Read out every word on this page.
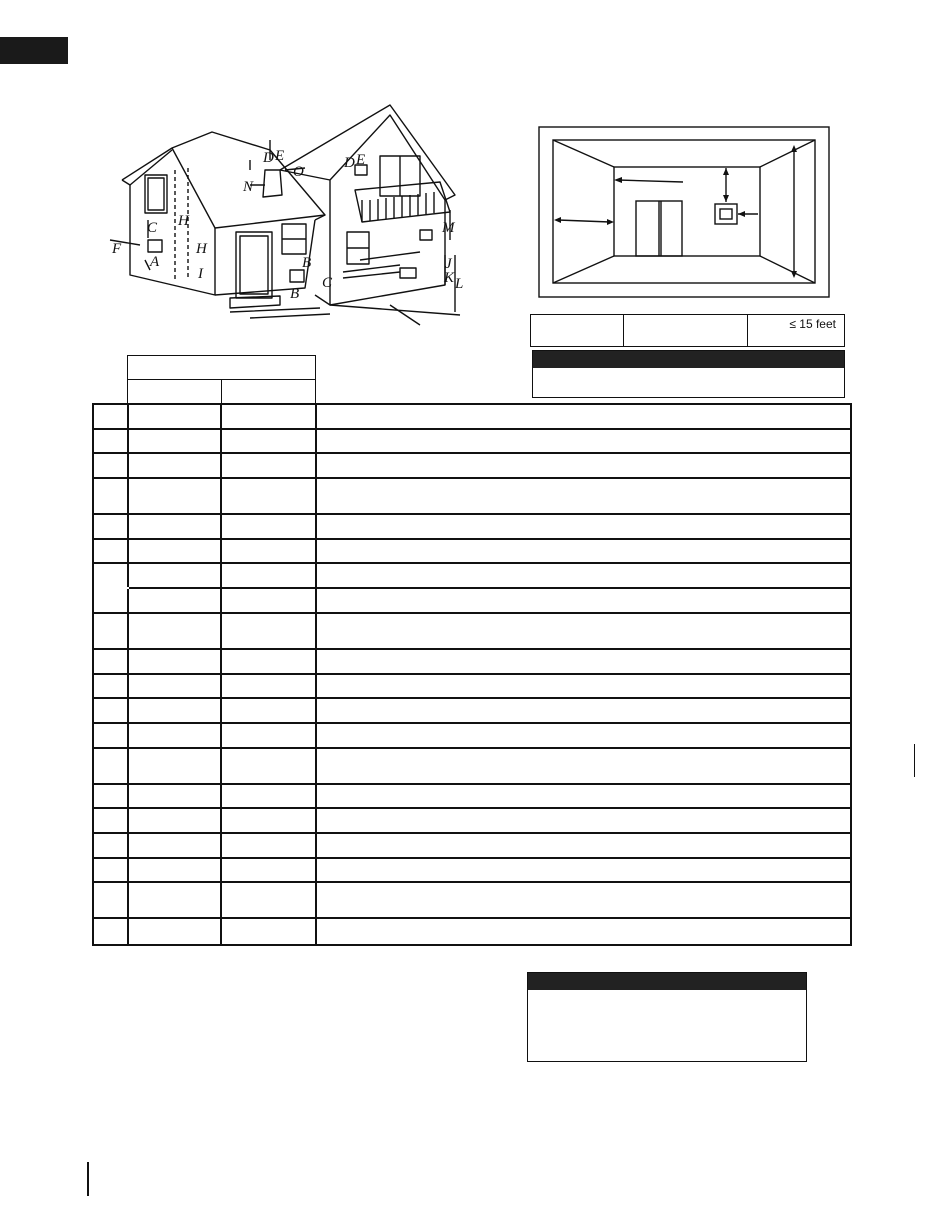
A	B
B
C
C
D E	D E
F
H
H
I
J
K L
M
N
O
≤ 15 feet
